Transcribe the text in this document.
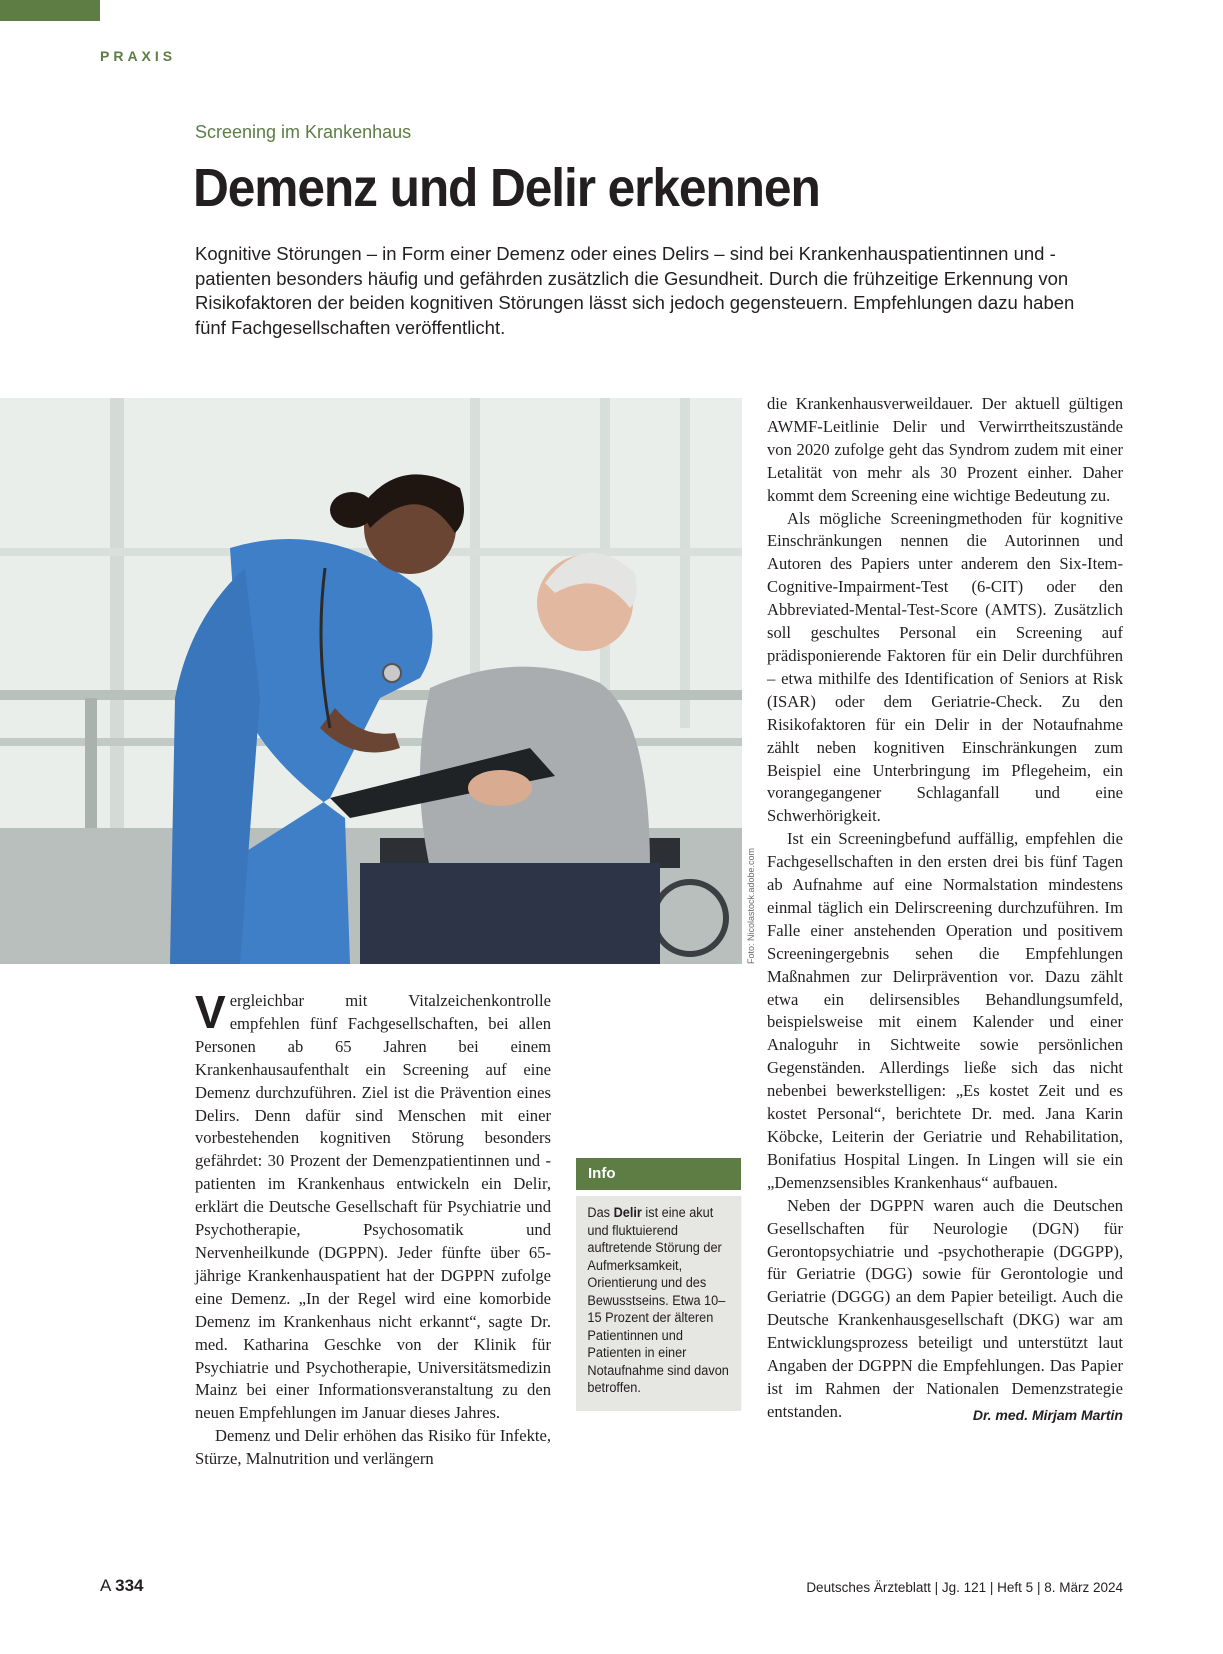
PRAXIS
Screening im Krankenhaus
Demenz und Delir erkennen
Kognitive Störungen – in Form einer Demenz oder eines Delirs – sind bei Krankenhauspatientinnen und -patienten besonders häufig und gefährden zusätzlich die Gesundheit. Durch die frühzeitige Erkennung von Risikofaktoren der beiden kognitiven Störungen lässt sich jedoch gegensteuern. Empfehlungen dazu haben fünf Fachgesellschaften veröffentlicht.
Foto: Nicolastock.adobe.com

Vergleichbar mit Vitalzeichenkontrolle empfehlen fünf Fachgesellschaften, bei allen Personen ab 65 Jahren bei einem Krankenhausaufenthalt ein Screening auf eine Demenz durchzuführen. Ziel ist die Prävention eines Delirs. Denn dafür sind Menschen mit einer vorbestehenden kognitiven Störung besonders gefährdet: 30 Prozent der Demenzpatientinnen und -patienten im Krankenhaus entwickeln ein Delir, erklärt die Deutsche Gesellschaft für Psychiatrie und Psychotherapie, Psychosomatik und Nervenheilkunde (DGPPN). Jeder fünfte über 65-jährige Krankenhauspatient hat der DGPPN zufolge eine Demenz. „In der Regel wird eine komorbide Demenz im Krankenhaus nicht erkannt“, sagte Dr. med. Katharina Geschke von der Klinik für Psychiatrie und Psychotherapie, Universitätsmedizin Mainz bei einer Informationsveranstaltung zu den neuen Empfehlungen im Januar dieses Jahres.

Demenz und Delir erhöhen das Risiko für Infekte, Stürze, Malnutrition und verlängern

Info
Das Delir ist eine akut und fluktuierend auftretende Störung der Aufmerksamkeit, Orientierung und des Bewusstseins. Etwa 10–15 Prozent der älteren Patientinnen und Patienten in einer Notaufnahme sind davon betroffen.

die Krankenhausverweildauer. Der aktuell gültigen AWMF-Leitlinie Delir und Verwirrtheitszustände von 2020 zufolge geht das Syndrom zudem mit einer Letalität von mehr als 30 Prozent einher. Daher kommt dem Screening eine wichtige Bedeutung zu.

Als mögliche Screeningmethoden für kognitive Einschränkungen nennen die Autorinnen und Autoren des Papiers unter anderem den Six-Item-Cognitive-Impairment-Test (6-CIT) oder den Abbreviated-Mental-Test-Score (AMTS). Zusätzlich soll geschultes Personal ein Screening auf prädisponierende Faktoren für ein Delir durchführen – etwa mithilfe des Identification of Seniors at Risk (ISAR) oder dem Geriatrie-Check. Zu den Risikofaktoren für ein Delir in der Notaufnahme zählt neben kognitiven Einschränkungen zum Beispiel eine Unterbringung im Pflegeheim, ein vorangegangener Schlaganfall und eine Schwerhörigkeit.

Ist ein Screeningbefund auffällig, empfehlen die Fachgesellschaften in den ersten drei bis fünf Tagen ab Aufnahme auf eine Normalstation mindestens einmal täglich ein Delirscreening durchzuführen. Im Falle einer anstehenden Operation und positivem Screeningergebnis sehen die Empfehlungen Maßnahmen zur Delirprävention vor. Dazu zählt etwa ein delirsensibles Behandlungsumfeld, beispielsweise mit einem Kalender und einer Analoguhr in Sichtweite sowie persönlichen Gegenständen. Allerdings ließe sich das nicht nebenbei bewerkstelligen: „Es kostet Zeit und es kostet Personal“, berichtete Dr. med. Jana Karin Köbcke, Leiterin der Geriatrie und Rehabilitation, Bonifatius Hospital Lingen. In Lingen will sie ein „Demenzsensibles Krankenhaus“ aufbauen.

Neben der DGPPN waren auch die Deutschen Gesellschaften für Neurologie (DGN) für Gerontopsychiatrie und -psychotherapie (DGGPP), für Geriatrie (DGG) sowie für Gerontologie und Geriatrie (DGGG) an dem Papier beteiligt. Auch die Deutsche Krankenhausgesellschaft (DKG) war am Entwicklungsprozess beteiligt und unterstützt laut Angaben der DGPPN die Empfehlungen. Das Papier ist im Rahmen der Nationalen Demenzstrategie entstanden.	Dr. med. Mirjam Martin

A 334	Deutsches Ärzteblatt | Jg. 121 | Heft 5 | 8. März 2024
